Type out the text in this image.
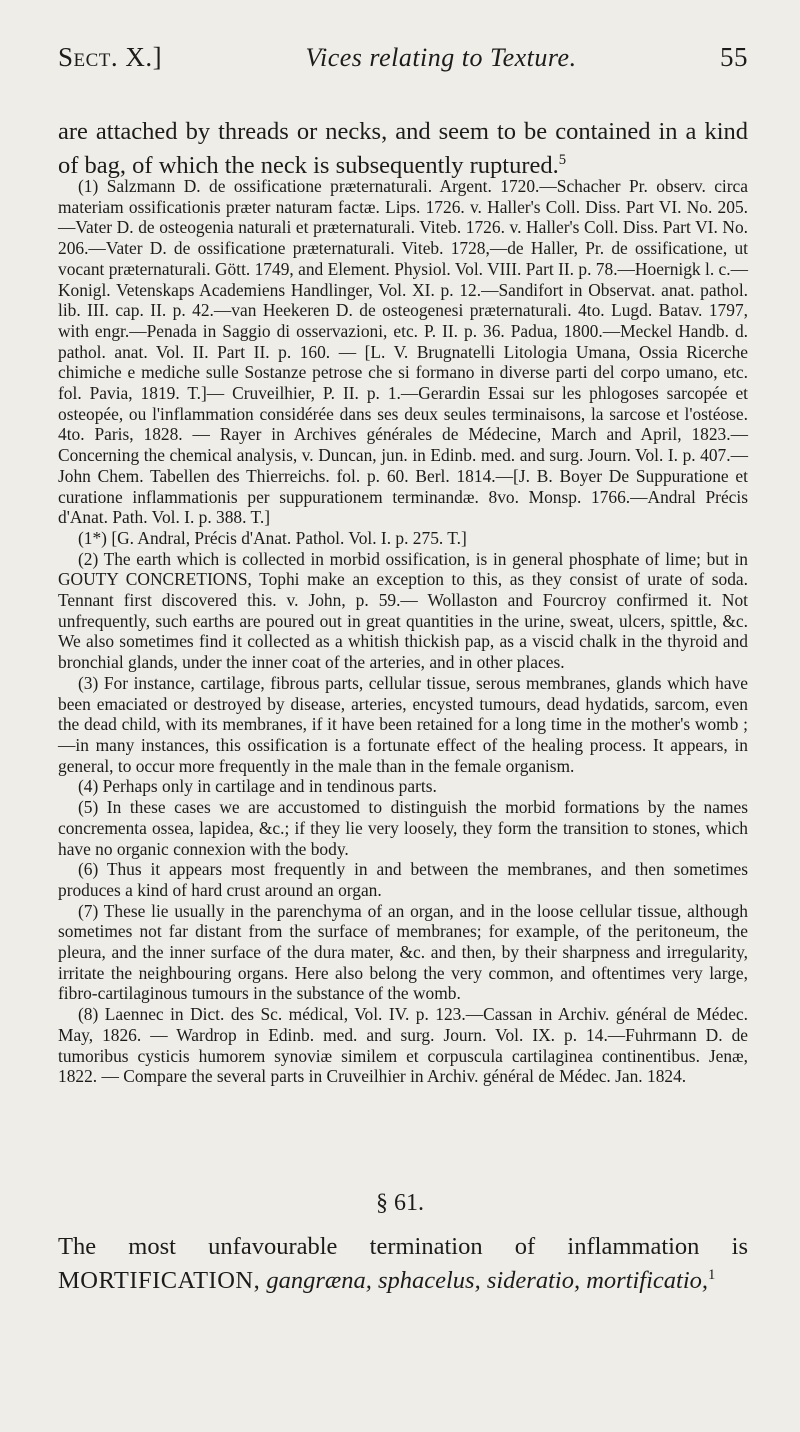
Sect. X.]	Vices relating to Texture.	55
are attached by threads or necks, and seem to be contained in a kind of bag, of which the neck is subsequently ruptured.$^5$

(1) Salzmann D. de ossificatione præternaturali. Argent. 1720.—Schacher Pr. observ. circa materiam ossificationis præter naturam factæ. Lips. 1726. v. Haller's Coll. Diss. Part VI. No. 205.—Vater D. de osteogenia naturali et præternaturali. Viteb. 1726. v. Haller's Coll. Diss. Part VI. No. 206.—Vater D. de ossificatione præternaturali. Viteb. 1728,—de Haller, Pr. de ossificatione, ut vocant præternaturali. Gött. 1749, and Element. Physiol. Vol. VIII. Part II. p. 78.—Hoernigk l. c.— Konigl. Vetenskaps Academiens Handlinger, Vol. XI. p. 12.—Sandifort in Observat. anat. pathol. lib. III. cap. II. p. 42.—van Heekeren D. de osteogenesi præternaturali. 4to. Lugd. Batav. 1797, with engr.—Penada in Saggio di osservazioni, etc. P. II. p. 36. Padua, 1800.—Meckel Handb. d. pathol. anat. Vol. II. Part II. p. 160. — [L. V. Brugnatelli Litologia Umana, Ossia Ricerche chimiche e mediche sulle Sostanze petrose che si formano in diverse parti del corpo umano, etc. fol. Pavia, 1819. T.]— Cruveilhier, P. II. p. 1.—Gerardin Essai sur les phlogoses sarcopée et osteopée, ou l'inflammation considérée dans ses deux seules terminaisons, la sarcose et l'ostéose. 4to. Paris, 1828. — Rayer in Archives générales de Médecine, March and April, 1823.— Concerning the chemical analysis, v. Duncan, jun. in Edinb. med. and surg. Journ. Vol. I. p. 407.—John Chem. Tabellen des Thierreichs. fol. p. 60. Berl. 1814.—[J. B. Boyer De Suppuratione et curatione inflammationis per suppurationem terminandæ. 8vo. Monsp. 1766.—Andral Précis d'Anat. Path. Vol. I. p. 388. T.]

(1*) [G. Andral, Précis d'Anat. Pathol. Vol. I. p. 275. T.]

(2) The earth which is collected in morbid ossification, is in general phosphate of lime; but in GOUTY CONCRETIONS, Tophi make an exception to this, as they consist of urate of soda. Tennant first discovered this. v. John, p. 59.— Wollaston and Fourcroy confirmed it. Not unfrequently, such earths are poured out in great quantities in the urine, sweat, ulcers, spittle, &c. We also sometimes find it collected as a whitish thickish pap, as a viscid chalk in the thyroid and bronchial glands, under the inner coat of the arteries, and in other places.

(3) For instance, cartilage, fibrous parts, cellular tissue, serous membranes, glands which have been emaciated or destroyed by disease, arteries, encysted tumours, dead hydatids, sarcom, even the dead child, with its membranes, if it have been retained for a long time in the mother's womb ;—in many instances, this ossification is a fortunate effect of the healing process. It appears, in general, to occur more frequently in the male than in the female organism.

(4) Perhaps only in cartilage and in tendinous parts.

(5) In these cases we are accustomed to distinguish the morbid formations by the names concrementa ossea, lapidea, &c.; if they lie very loosely, they form the transition to stones, which have no organic connexion with the body.

(6) Thus it appears most frequently in and between the membranes, and then sometimes produces a kind of hard crust around an organ.

(7) These lie usually in the parenchyma of an organ, and in the loose cellular tissue, although sometimes not far distant from the surface of membranes; for example, of the peritoneum, the pleura, and the inner surface of the dura mater, &c. and then, by their sharpness and irregularity, irritate the neighbouring organs. Here also belong the very common, and oftentimes very large, fibro-cartilaginous tumours in the substance of the womb.

(8) Laennec in Dict. des Sc. médical, Vol. IV. p. 123.—Cassan in Archiv. général de Médec. May, 1826. — Wardrop in Edinb. med. and surg. Journ. Vol. IX. p. 14.—Fuhrmann D. de tumoribus cysticis humorem synoviæ similem et corpuscula cartilaginea continentibus. Jenæ, 1822. — Compare the several parts in Cruveilhier in Archiv. général de Médec. Jan. 1824.

§ 61.
The most unfavourable termination of inflammation is MORTIFICATION, gangræna, sphacelus, sideratio, mortificatio,$^1$
